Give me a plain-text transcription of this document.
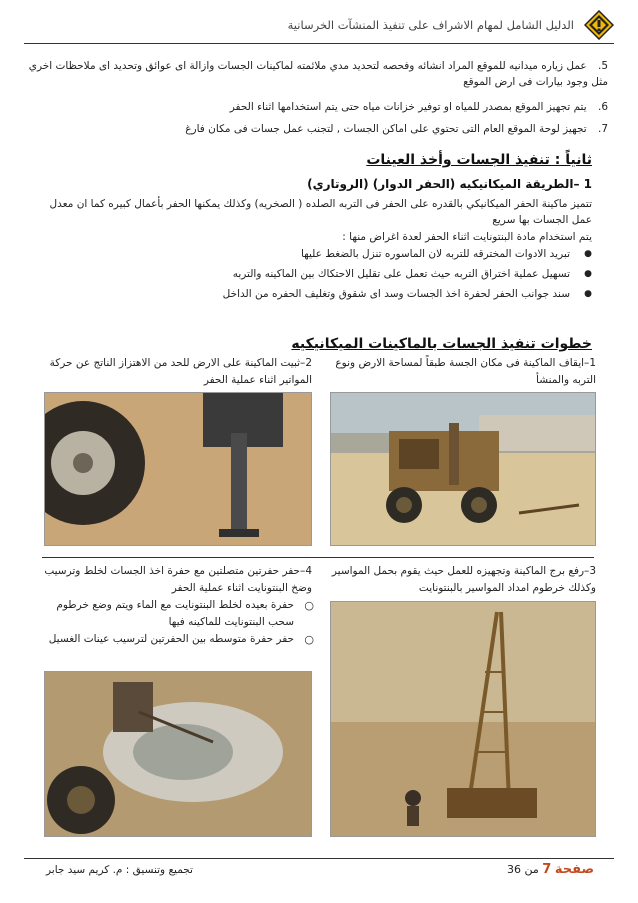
الدليل الشامل لمهام الاشراف على تنفيذ المنشآت الخرسانية
5. عمل زياره ميدانيه للموقع المراد انشائه وفحصه لتحديد مدي ملائمته لماكينات الجسات وازالة اى عوائق وتحديد اى ملاحظات اخري مثل وجود بيارات فى ارض الموقع
6. يتم تجهيز الموقع بمصدر للمياه او توفير خزانات مياه حتى يتم استخدامها اثناء الحفر
7. تجهيز لوحة الموقع العام التى تحتوي على اماكن الجسات , لتجنب عمل جسات فى مكان فارغ
ثانياً : تنفيذ الجسات وأخذ العينات
1 –الطريقة الميكانيكيه (الحفر الدوار) (الروتاري)
تتميز ماكينة الحفر الميكانيكي بالقدره على الحفر فى التربه الصلده ( الصخريه) وكذلك يمكنها الحفر بأعمال كبيره كما ان معدل عمل الجسات بها سريع
يتم استخدام مادة البنتونايت اثناء الحفر لعدة اغراض منها :
● تبريد الادوات المخترقه للتربه لان الماسوره تنزل بالضغط عليها
● تسهيل عملية اختراق التربه حيث تعمل على تقليل الاحتكاك بين الماكينه والتربه
● سند جوانب الحفر لحفرة اخذ الجسات وسد اى شقوق وتغليف الحفره من الداخل
خطوات تنفيذ الجسات بالماكينات الميكانيكيه
1–ايقاف الماكينة فى مكان الجسة طبقاً لمساحة الارض ونوع التربه والمنشأ
2–ثبيت الماكينة على الارض للحد من الاهتزاز الناتج عن حركة المواتير اثناء عملية الحفر
3–رفع برج الماكينة وتجهيزه للعمل حيث يقوم بحمل المواسير وكذلك خرطوم امداد المواسير بالبنتونايت
4–حفر حفرتين متصلتين مع حفرة اخذ الجسات لخلط وترسيب وضخ البنتونايت اثناء عملية الحفر
○ حفرة بعيده لخلط البنتونايت مع الماء ويتم وضع خرطوم سحب البنتونايت للماكينه فيها
○ حفر حفرة متوسطه بين الحفرتين لترسيب عينات الغسيل
صفحة 7 من 36
تجميع وتنسيق : م. كريم سيد جابر
